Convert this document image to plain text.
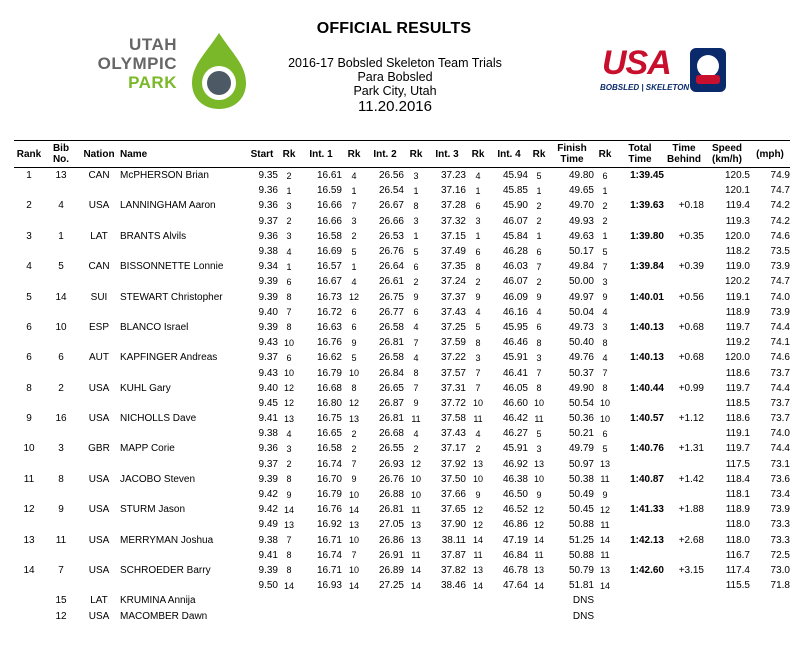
OFFICIAL RESULTS
2016-17 Bobsled Skeleton Team Trials
Para Bobsled
Park City, Utah
11.20.2016
UTAH
OLYMPIC
PARK
USA
BOBSLED | SKELETON
Rank	Bib No.	Nation	Name	Start	Rk	Int. 1	Rk	Int. 2	Rk	Int. 3	Rk	Int. 4	Rk	Finish Time	Rk	Total Time	Time Behind	Speed (km/h)	(mph)
1	13	CAN	McPHERSON Brian	9.35	2	16.61	4	26.56	3	37.23	4	45.94	5	49.80	6	1:39.45		120.5	74.9
				9.36	1	16.59	1	26.54	1	37.16	1	45.85	1	49.65	1			120.1	74.7
2	4	USA	LANNINGHAM Aaron	9.36	3	16.66	7	26.67	8	37.28	6	45.90	2	49.70	2	1:39.63	+0.18	119.4	74.2
				9.37	2	16.66	3	26.66	3	37.32	3	46.07	2	49.93	2			119.3	74.2
3	1	LAT	BRANTS Alvils	9.36	3	16.58	2	26.53	1	37.15	1	45.84	1	49.63	1	1:39.80	+0.35	120.0	74.6
				9.38	4	16.69	5	26.76	5	37.49	6	46.28	6	50.17	5			118.2	73.5
4	5	CAN	BISSONNETTE Lonnie	9.34	1	16.57	1	26.64	6	37.35	8	46.03	7	49.84	7	1:39.84	+0.39	119.0	73.9
				9.39	6	16.67	4	26.61	2	37.24	2	46.07	2	50.00	3			120.2	74.7
5	14	SUI	STEWART Christopher	9.39	8	16.73	12	26.75	9	37.37	9	46.09	9	49.97	9	1:40.01	+0.56	119.1	74.0
				9.40	7	16.72	6	26.77	6	37.43	4	46.16	4	50.04	4			118.9	73.9
6	10	ESP	BLANCO Israel	9.39	8	16.63	6	26.58	4	37.25	5	45.95	6	49.73	3	1:40.13	+0.68	119.7	74.4
				9.43	10	16.76	9	26.81	7	37.59	8	46.46	8	50.40	8			119.2	74.1
6	6	AUT	KAPFINGER Andreas	9.37	6	16.62	5	26.58	4	37.22	3	45.91	3	49.76	4	1:40.13	+0.68	120.0	74.6
				9.43	10	16.79	10	26.84	8	37.57	7	46.41	7	50.37	7			118.6	73.7
8	2	USA	KUHL Gary	9.40	12	16.68	8	26.65	7	37.31	7	46.05	8	49.90	8	1:40.44	+0.99	119.7	74.4
				9.45	12	16.80	12	26.87	9	37.72	10	46.60	10	50.54	10			118.5	73.7
9	16	USA	NICHOLLS Dave	9.41	13	16.75	13	26.81	11	37.58	11	46.42	11	50.36	10	1:40.57	+1.12	118.6	73.7
				9.38	4	16.65	2	26.68	4	37.43	4	46.27	5	50.21	6			119.1	74.0
10	3	GBR	MAPP Corie	9.36	3	16.58	2	26.55	2	37.17	2	45.91	3	49.79	5	1:40.76	+1.31	119.7	74.4
				9.37	2	16.74	7	26.93	12	37.92	13	46.92	13	50.97	13			117.5	73.1
11	8	USA	JACOBO Steven	9.39	8	16.70	9	26.76	10	37.50	10	46.38	10	50.38	11	1:40.87	+1.42	118.4	73.6
				9.42	9	16.79	10	26.88	10	37.66	9	46.50	9	50.49	9			118.1	73.4
12	9	USA	STURM Jason	9.42	14	16.76	14	26.81	11	37.65	12	46.52	12	50.45	12	1:41.33	+1.88	118.9	73.9
				9.49	13	16.92	13	27.05	13	37.90	12	46.86	12	50.88	11			118.0	73.3
13	11	USA	MERRYMAN Joshua	9.38	7	16.71	10	26.86	13	38.11	14	47.19	14	51.25	14	1:42.13	+2.68	118.0	73.3
				9.41	8	16.74	7	26.91	11	37.87	11	46.84	11	50.88	11			116.7	72.5
14	7	USA	SCHROEDER Barry	9.39	8	16.71	10	26.89	14	37.82	13	46.78	13	50.79	13	1:42.60	+3.15	117.4	73.0
				9.50	14	16.93	14	27.25	14	38.46	14	47.64	14	51.81	14			115.5	71.8
	15	LAT	KRUMINA Annija											DNS					
	12	USA	MACOMBER Dawn											DNS					
